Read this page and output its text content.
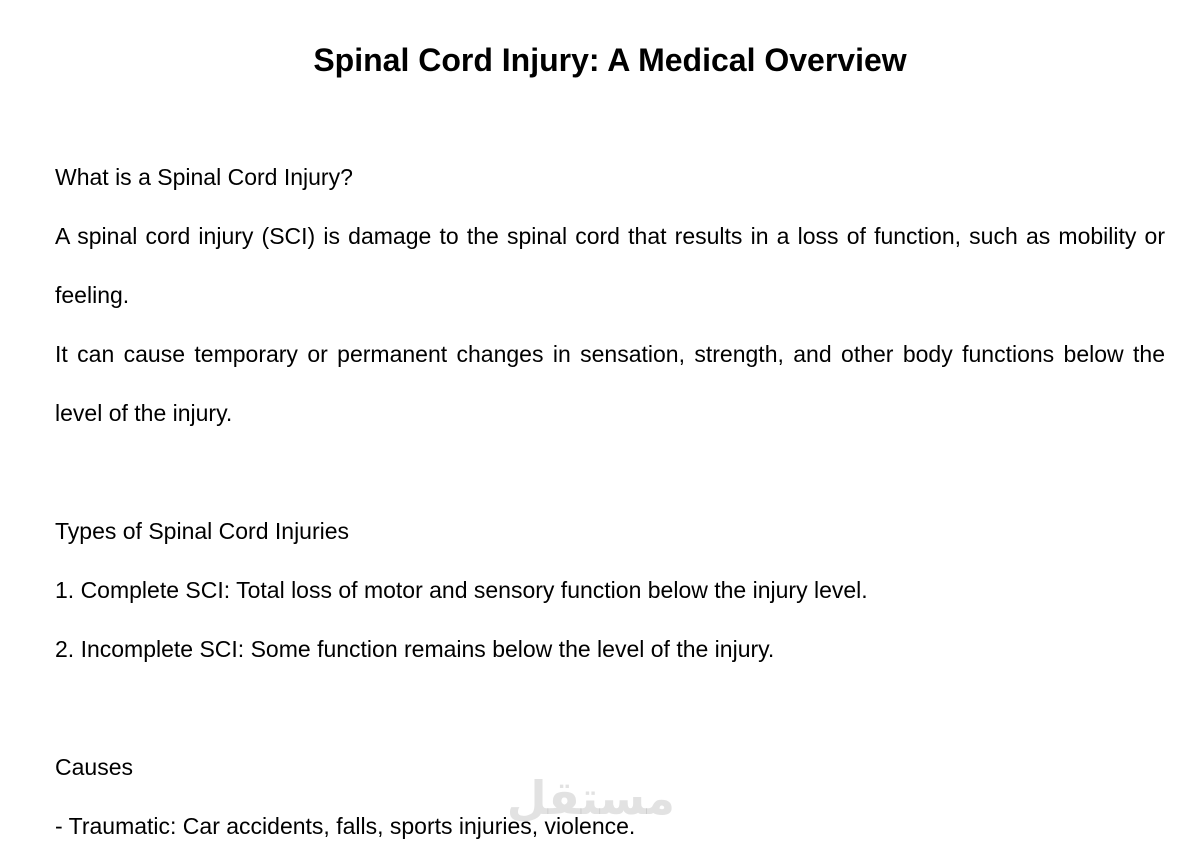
Spinal Cord Injury: A Medical Overview

What is a Spinal Cord Injury?

A spinal cord injury (SCI) is damage to the spinal cord that results in a loss of function, such as mobility or feeling.

It can cause temporary or permanent changes in sensation, strength, and other body functions below the level of the injury.

Types of Spinal Cord Injuries

1. Complete SCI: Total loss of motor and sensory function below the injury level.

2. Incomplete SCI: Some function remains below the level of the injury.

Causes

- Traumatic: Car accidents, falls, sports injuries, violence.

مستقل
